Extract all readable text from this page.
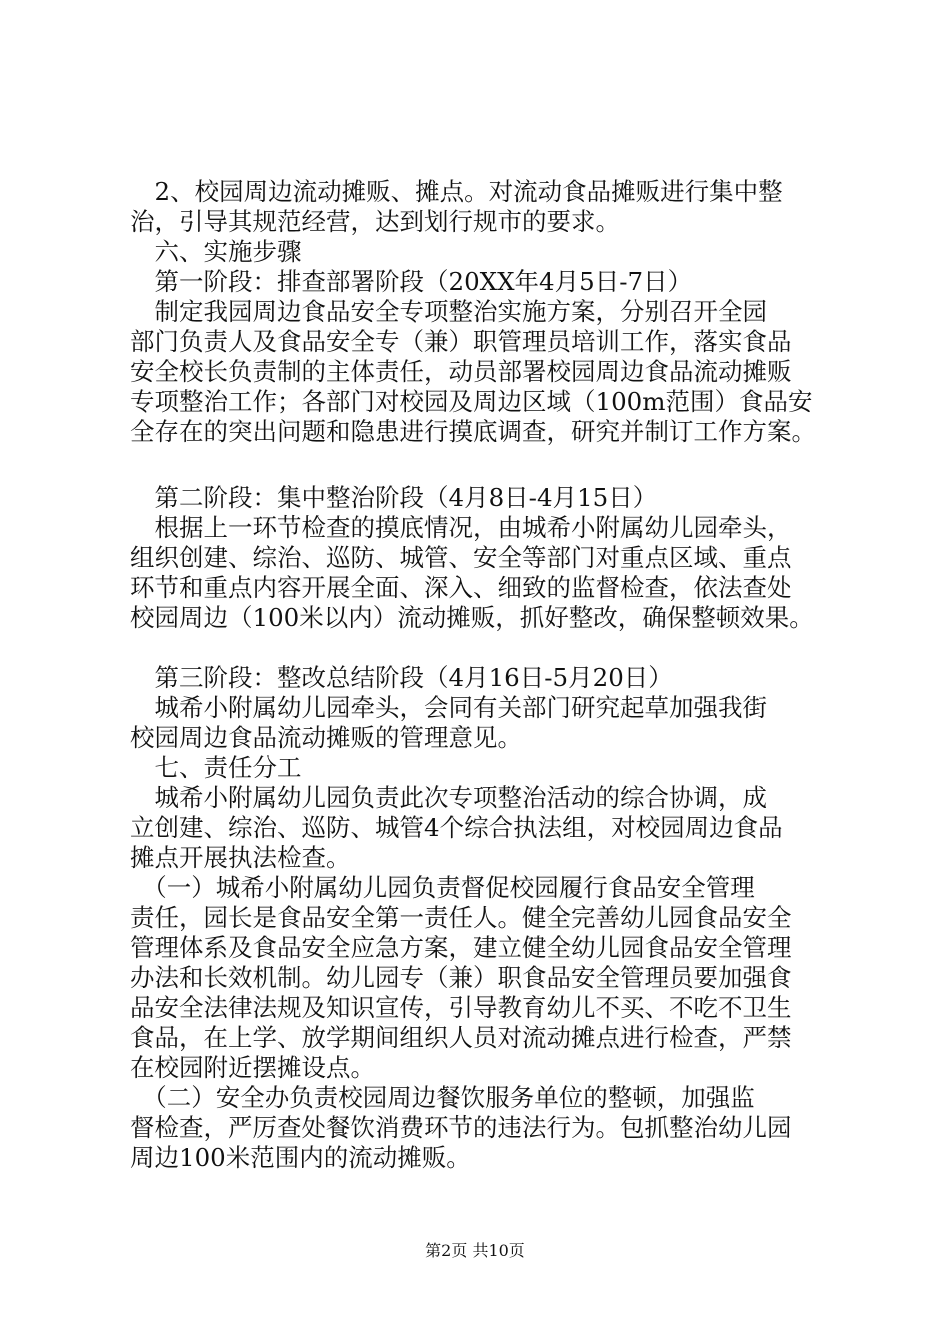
　2、校园周边流动摊贩、摊点。对流动食品摊贩进行集中整
治，引导其规范经营，达到划行规市的要求。
　六、实施步骤
　第一阶段：排查部署阶段（20XX年4月5日-7日）
　制定我园周边食品安全专项整治实施方案，分别召开全园
部门负责人及食品安全专（兼）职管理员培训工作，落实食品
安全校长负责制的主体责任，动员部署校园周边食品流动摊贩
专项整治工作；各部门对校园及周边区域（100m范围）食品安
全存在的突出问题和隐患进行摸底调查，研究并制订工作方案。
　第二阶段：集中整治阶段（4月8日-4月15日）
　根据上一环节检查的摸底情况，由城希小附属幼儿园牵头，
组织创建、综治、巡防、城管、安全等部门对重点区域、重点
环节和重点内容开展全面、深入、细致的监督检查，依法查处
校园周边（100米以内）流动摊贩，抓好整改，确保整顿效果。
　第三阶段：整改总结阶段（4月16日-5月20日）
　城希小附属幼儿园牵头，会同有关部门研究起草加强我街
校园周边食品流动摊贩的管理意见。
　七、责任分工
　城希小附属幼儿园负责此次专项整治活动的综合协调，成
立创建、综治、巡防、城管4个综合执法组，对校园周边食品
摊点开展执法检查。
　（一）城希小附属幼儿园负责督促校园履行食品安全管理
责任，园长是食品安全第一责任人。健全完善幼儿园食品安全
管理体系及食品安全应急方案，建立健全幼儿园食品安全管理
办法和长效机制。幼儿园专（兼）职食品安全管理员要加强食
品安全法律法规及知识宣传，引导教育幼儿不买、不吃不卫生
食品，在上学、放学期间组织人员对流动摊点进行检查，严禁
在校园附近摆摊设点。
　（二）安全办负责校园周边餐饮服务单位的整顿，加强监
督检查，严厉查处餐饮消费环节的违法行为。包抓整治幼儿园
周边100米范围内的流动摊贩。
第2页 共10页
